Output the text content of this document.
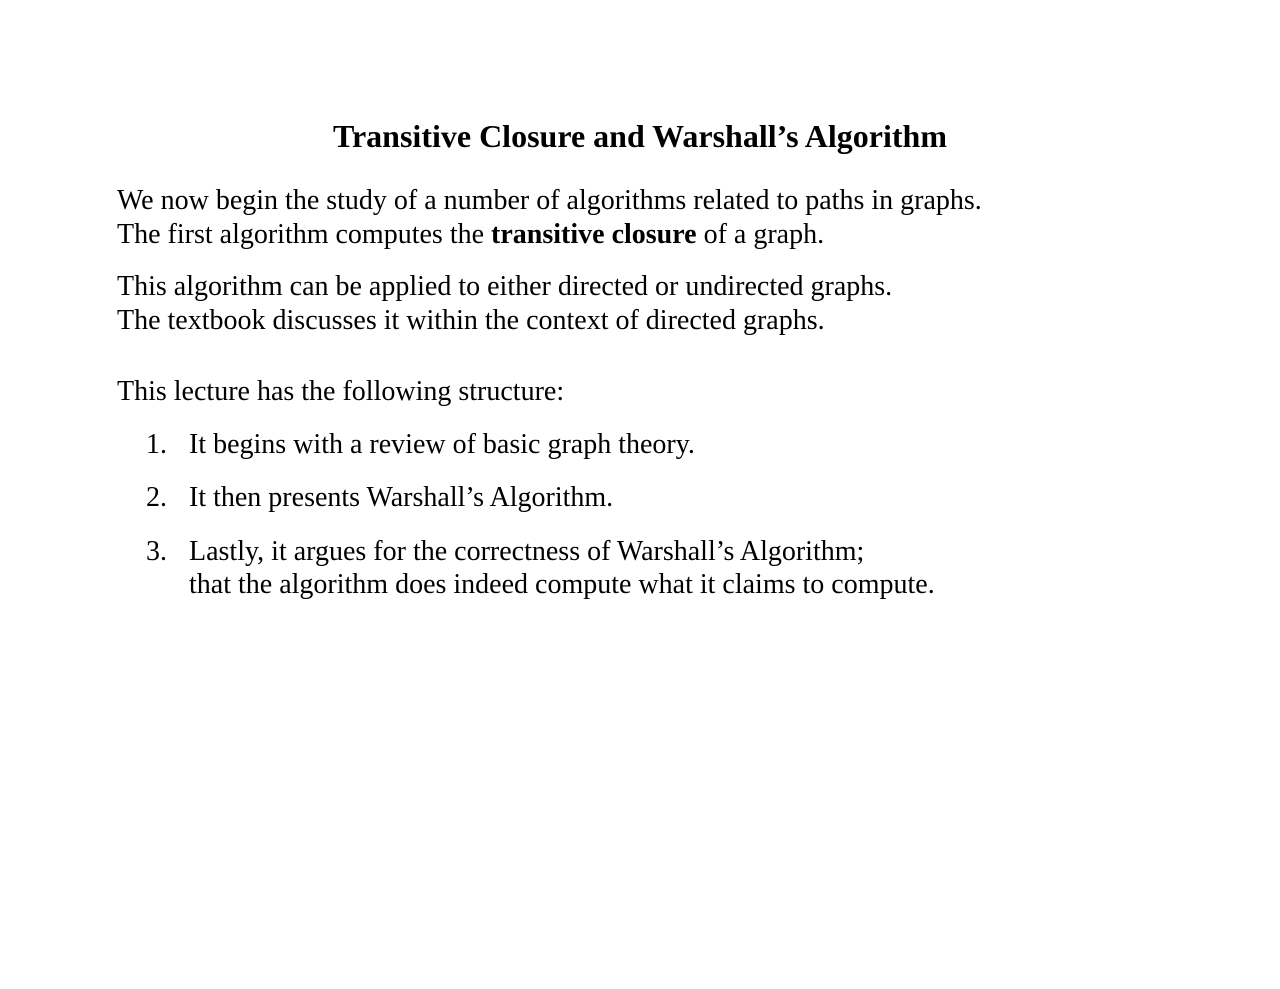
Transitive Closure and Warshall’s Algorithm

We now begin the study of a number of algorithms related to paths in graphs.

The first algorithm computes the transitive closure of a graph.

This algorithm can be applied to either directed or undirected graphs.

The textbook discusses it within the context of directed graphs.

This lecture has the following structure:

1. It begins with a review of basic graph theory.
2. It then presents Warshall’s Algorithm.
3. Lastly, it argues for the correctness of Warshall’s Algorithm;
that the algorithm does indeed compute what it claims to compute.
